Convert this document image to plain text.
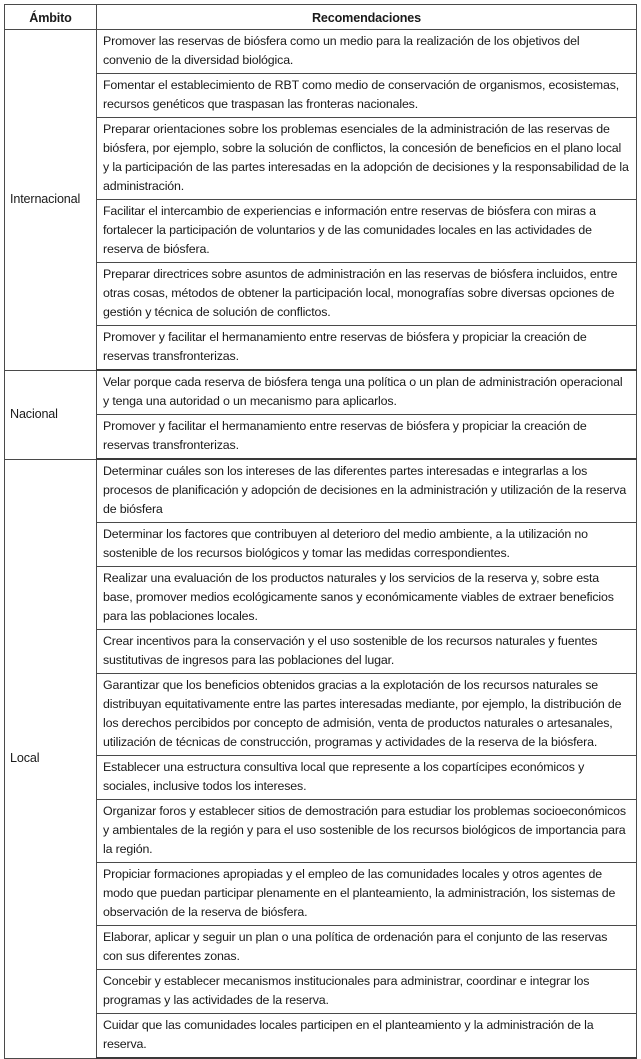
Ámbito	Recomendaciones
Internacional	Promover las reservas de biósfera como un medio para la realización de los objetivos del convenio de la diversidad biológica.
	Fomentar el establecimiento de RBT como medio de conservación de organismos, ecosistemas, recursos genéticos que traspasan las fronteras nacionales.
	Preparar orientaciones sobre los problemas esenciales de la administración de las reservas de biósfera, por ejemplo, sobre la solución de conflictos, la concesión de beneficios en el plano local y la participación de las partes interesadas en la adopción de decisiones y la responsabilidad de la administración.
	Facilitar el intercambio de experiencias e información entre reservas de biósfera con miras a fortalecer la participación de voluntarios y de las comunidades locales en las actividades de reserva de biósfera.
	Preparar directrices sobre asuntos de administración en las reservas de biósfera incluidos, entre otras cosas, métodos de obtener la participación local, monografías sobre diversas opciones de gestión y técnica de solución de conflictos.
	Promover y facilitar el hermanamiento entre reservas de biósfera y propiciar la creación de reservas transfronterizas.
Nacional	Velar porque cada reserva de biósfera tenga una política o un plan de administración operacional y tenga una autoridad o un mecanismo para aplicarlos.
	Promover y facilitar el hermanamiento entre reservas de biósfera y propiciar la creación de reservas transfronterizas.
Local	Determinar cuáles son los intereses de las diferentes partes interesadas e integrarlas a los procesos de planificación y adopción de decisiones en la administración y utilización de la reserva de biósfera
	Determinar los factores que contribuyen al deterioro del medio ambiente, a la utilización no sostenible de los recursos biológicos y tomar las medidas correspondientes.
	Realizar una evaluación de los productos naturales y los servicios de la reserva y, sobre esta base, promover medios ecológicamente sanos y económicamente viables de extraer beneficios para las poblaciones locales.
	Crear incentivos para la conservación y el uso sostenible de los recursos naturales y fuentes sustitutivas de ingresos para las poblaciones del lugar.
	Garantizar que los beneficios obtenidos gracias a la explotación de los recursos naturales se distribuyan equitativamente entre las partes interesadas mediante, por ejemplo, la distribución de los derechos percibidos por concepto de admisión, venta de productos naturales o artesanales, utilización de técnicas de construcción, programas y actividades de la reserva de la biósfera.
	Establecer una estructura consultiva local que represente a los copartícipes económicos y sociales, inclusive todos los intereses.
	Organizar foros y establecer sitios de demostración para estudiar los problemas socioeconómicos y ambientales de la región y para el uso sostenible de los recursos biológicos de importancia para la región.
	Propiciar formaciones apropiadas y el empleo de las comunidades locales y otros agentes de modo que puedan participar plenamente en el planteamiento, la administración, los sistemas de observación de la reserva de biósfera.
	Elaborar, aplicar y seguir un plan o una política de ordenación para el conjunto de las reservas con sus diferentes zonas.
	Concebir y establecer mecanismos institucionales para administrar, coordinar e integrar los programas y las actividades de la reserva.
	Cuidar que las comunidades locales participen en el planteamiento y la administración de la reserva.
